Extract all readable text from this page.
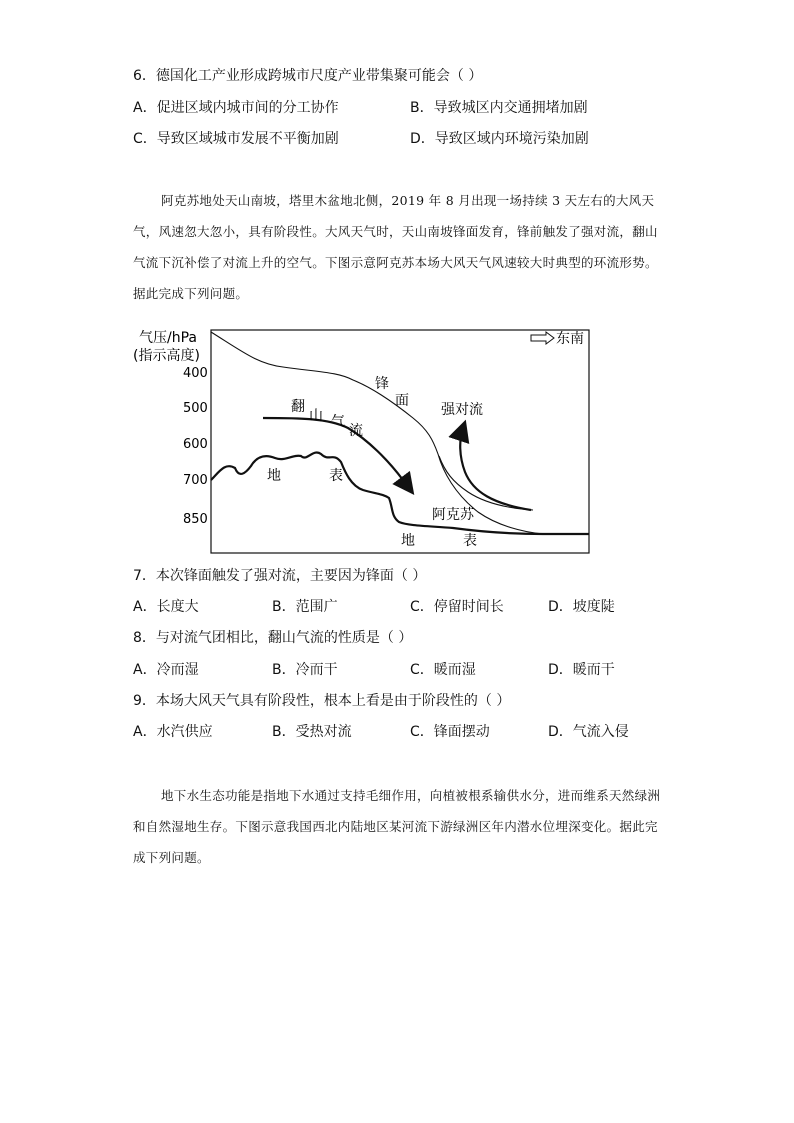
6．德国化工产业形成跨城市尺度产业带集聚可能会（ ）
A．促进区域内城市间的分工协作	B．导致城区内交通拥堵加剧
C．导致区域城市发展不平衡加剧	D．导致区域内环境污染加剧
阿克苏地处天山南坡，塔里木盆地北侧，2019 年 8 月出现一场持续 3 天左右的大风天气，风速忽大忽小，具有阶段性。大风天气时，天山南坡锋面发育，锋前触发了强对流，翻山气流下沉补偿了对流上升的空气。下图示意阿克苏本场大风天气风速较大时典型的环流形势。据此完成下列问题。
气压/hPa
(指示高度)
400
500
600
700
850
东南
锋
面
强对流
翻
山 气
流
地	表
阿克苏
地	表
7．本次锋面触发了强对流，主要因为锋面（ ）
A．长度大	B．范围广	C．停留时间长	D．坡度陡
8．与对流气团相比，翻山气流的性质是（ ）
A．冷而湿	B．冷而干	C．暖而湿	D．暖而干
9．本场大风天气具有阶段性，根本上看是由于阶段性的（ ）
A．水汽供应	B．受热对流	C．锋面摆动	D．气流入侵
地下水生态功能是指地下水通过支持毛细作用，向植被根系输供水分，进而维系天然绿洲和自然湿地生存。下图示意我国西北内陆地区某河流下游绿洲区年内潜水位埋深变化。据此完成下列问题。
